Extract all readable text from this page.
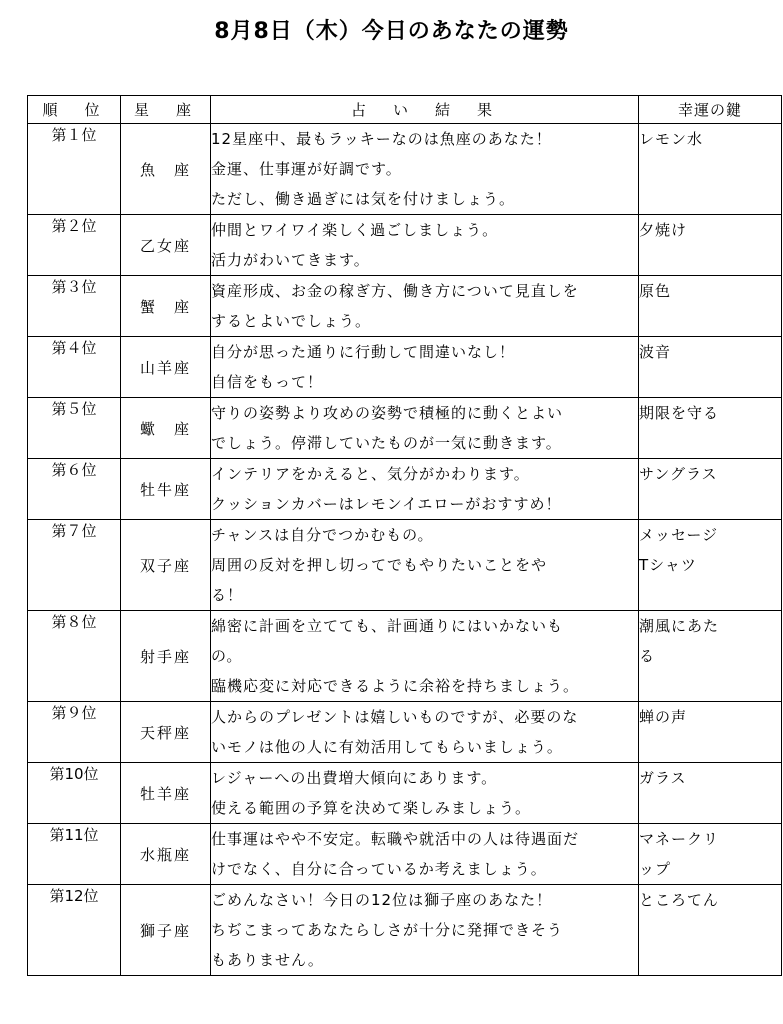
8月8日（木）今日のあなたの運勢
順　位	星　座	占　い　結　果	幸運の鍵
第１位	魚　座	12星座中、最もラッキーなのは魚座のあなた！
金運、仕事運が好調です。
ただし、働き過ぎには気を付けましょう。	レモン水

第２位	乙女座	仲間とワイワイ楽しく過ごしましょう。
活力がわいてきます。	夕焼け

第３位	蟹　座	資産形成、お金の稼ぎ方、働き方について見直しを
するとよいでしょう。	原色

第４位	山羊座	自分が思った通りに行動して間違いなし！
自信をもって！	波音

第５位	蠍　座	守りの姿勢より攻めの姿勢で積極的に動くとよい
でしょう。停滞していたものが一気に動きます。	期限を守る

第６位	牡牛座	インテリアをかえると、気分がかわります。
クッションカバーはレモンイエローがおすすめ！	サングラス

第７位	双子座	チャンスは自分でつかむもの。
周囲の反対を押し切ってでもやりたいことをや
る！	メッセージ
Tシャツ

第８位	射手座	綿密に計画を立てても、計画通りにはいかないも
の。
臨機応変に対応できるように余裕を持ちましょう。	潮風にあた
る

第９位	天秤座	人からのプレゼントは嬉しいものですが、必要のな
いモノは他の人に有効活用してもらいましょう。	蝉の声

第10位	牡羊座	レジャーへの出費増大傾向にあります。
使える範囲の予算を決めて楽しみましょう。	ガラス

第11位	水瓶座	仕事運はやや不安定。転職や就活中の人は待遇面だ
けでなく、自分に合っているか考えましょう。	マネークリ
ップ

第12位	獅子座	ごめんなさい！今日の12位は獅子座のあなた！
ちぢこまってあなたらしさが十分に発揮できそう
もありません。	ところてん
